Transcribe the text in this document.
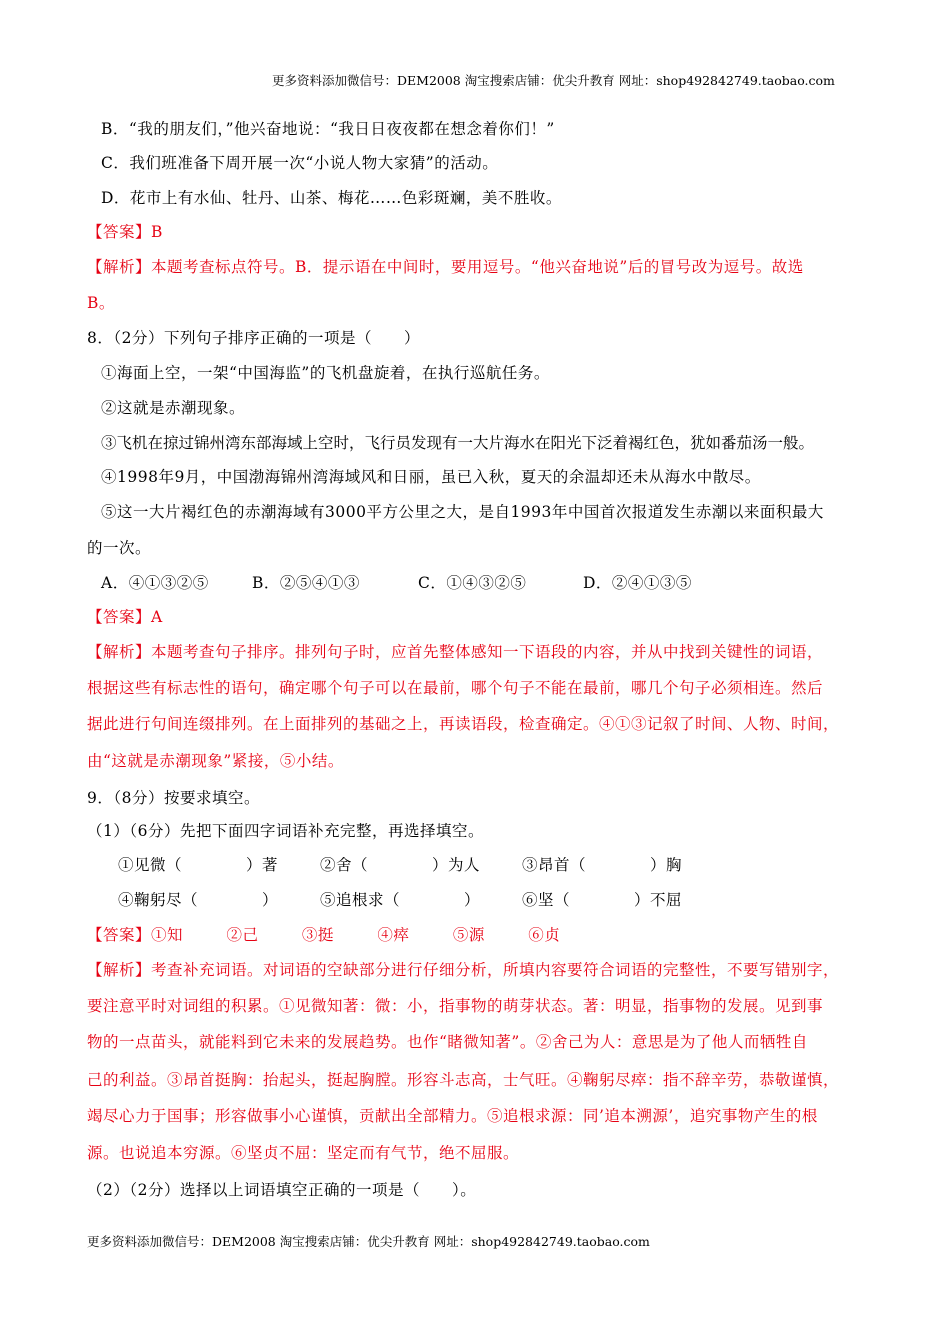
更多资料添加微信号：DEM2008 淘宝搜索店铺：优尖升教育 网址：shop492842749.taobao.com
B．“我的朋友们，”他兴奋地说：“我日日夜夜都在想念着你们！”
C．我们班准备下周开展一次“小说人物大家猜”的活动。
D．花市上有水仙、牡丹、山茶、梅花……色彩斑斓，美不胜收。
【答案】B
【解析】本题考查标点符号。B．提示语在中间时，要用逗号。“他兴奋地说”后的冒号改为逗号。故选
B。
8．（2分）下列句子排序正确的一项是（　　）
①海面上空，一架“中国海监”的飞机盘旋着，在执行巡航任务。
②这就是赤潮现象。
③飞机在掠过锦州湾东部海域上空时，飞行员发现有一大片海水在阳光下泛着褐红色，犹如番茄汤一般。
④1998年9月，中国渤海锦州湾海域风和日丽，虽已入秋，夏天的余温却还未从海水中散尽。
⑤这一大片褐红色的赤潮海域有3000平方公里之大，是自1993年中国首次报道发生赤潮以来面积最大
的一次。
A．④①③②⑤	B．②⑤④①③	C．①④③②⑤	D．②④①③⑤
【答案】A
【解析】本题考查句子排序。排列句子时，应首先整体感知一下语段的内容，并从中找到关键性的词语，
根据这些有标志性的语句，确定哪个句子可以在最前，哪个句子不能在最前，哪几个句子必须相连。然后
据此进行句间连缀排列。在上面排列的基础之上，再读语段，检查确定。④①③记叙了时间、人物、时间，
由“这就是赤潮现象”紧接，⑤小结。
9．（8分）按要求填空。
（1）（6分）先把下面四字词语补充完整，再选择填空。
①见微（　　　　）著	②舍（　　　　）为人	③昂首（　　　　）胸
④鞠躬尽（　　　　）	⑤追根求（　　　　）	⑥坚（　　　　）不屈
【答案】①知	②己	③挺	④瘁	⑤源	⑥贞
【解析】考查补充词语。对词语的空缺部分进行仔细分析，所填内容要符合词语的完整性，不要写错别字，
要注意平时对词组的积累。①见微知著：微：小，指事物的萌芽状态。著：明显，指事物的发展。见到事
物的一点苗头，就能料到它未来的发展趋势。也作“睹微知著”。②舍己为人：意思是为了他人而牺牲自
己的利益。③昂首挺胸：抬起头，挺起胸膛。形容斗志高，士气旺。④鞠躬尽瘁：指不辞辛劳，恭敬谨慎，
竭尽心力于国事；形容做事小心谨慎，贡献出全部精力。⑤追根求源：同’追本溯源’，追究事物产生的根
源。也说追本穷源。⑥坚贞不屈：坚定而有气节，绝不屈服。
（2）（2分）选择以上词语填空正确的一项是（　　）。
更多资料添加微信号：DEM2008 淘宝搜索店铺：优尖升教育 网址：shop492842749.taobao.com
